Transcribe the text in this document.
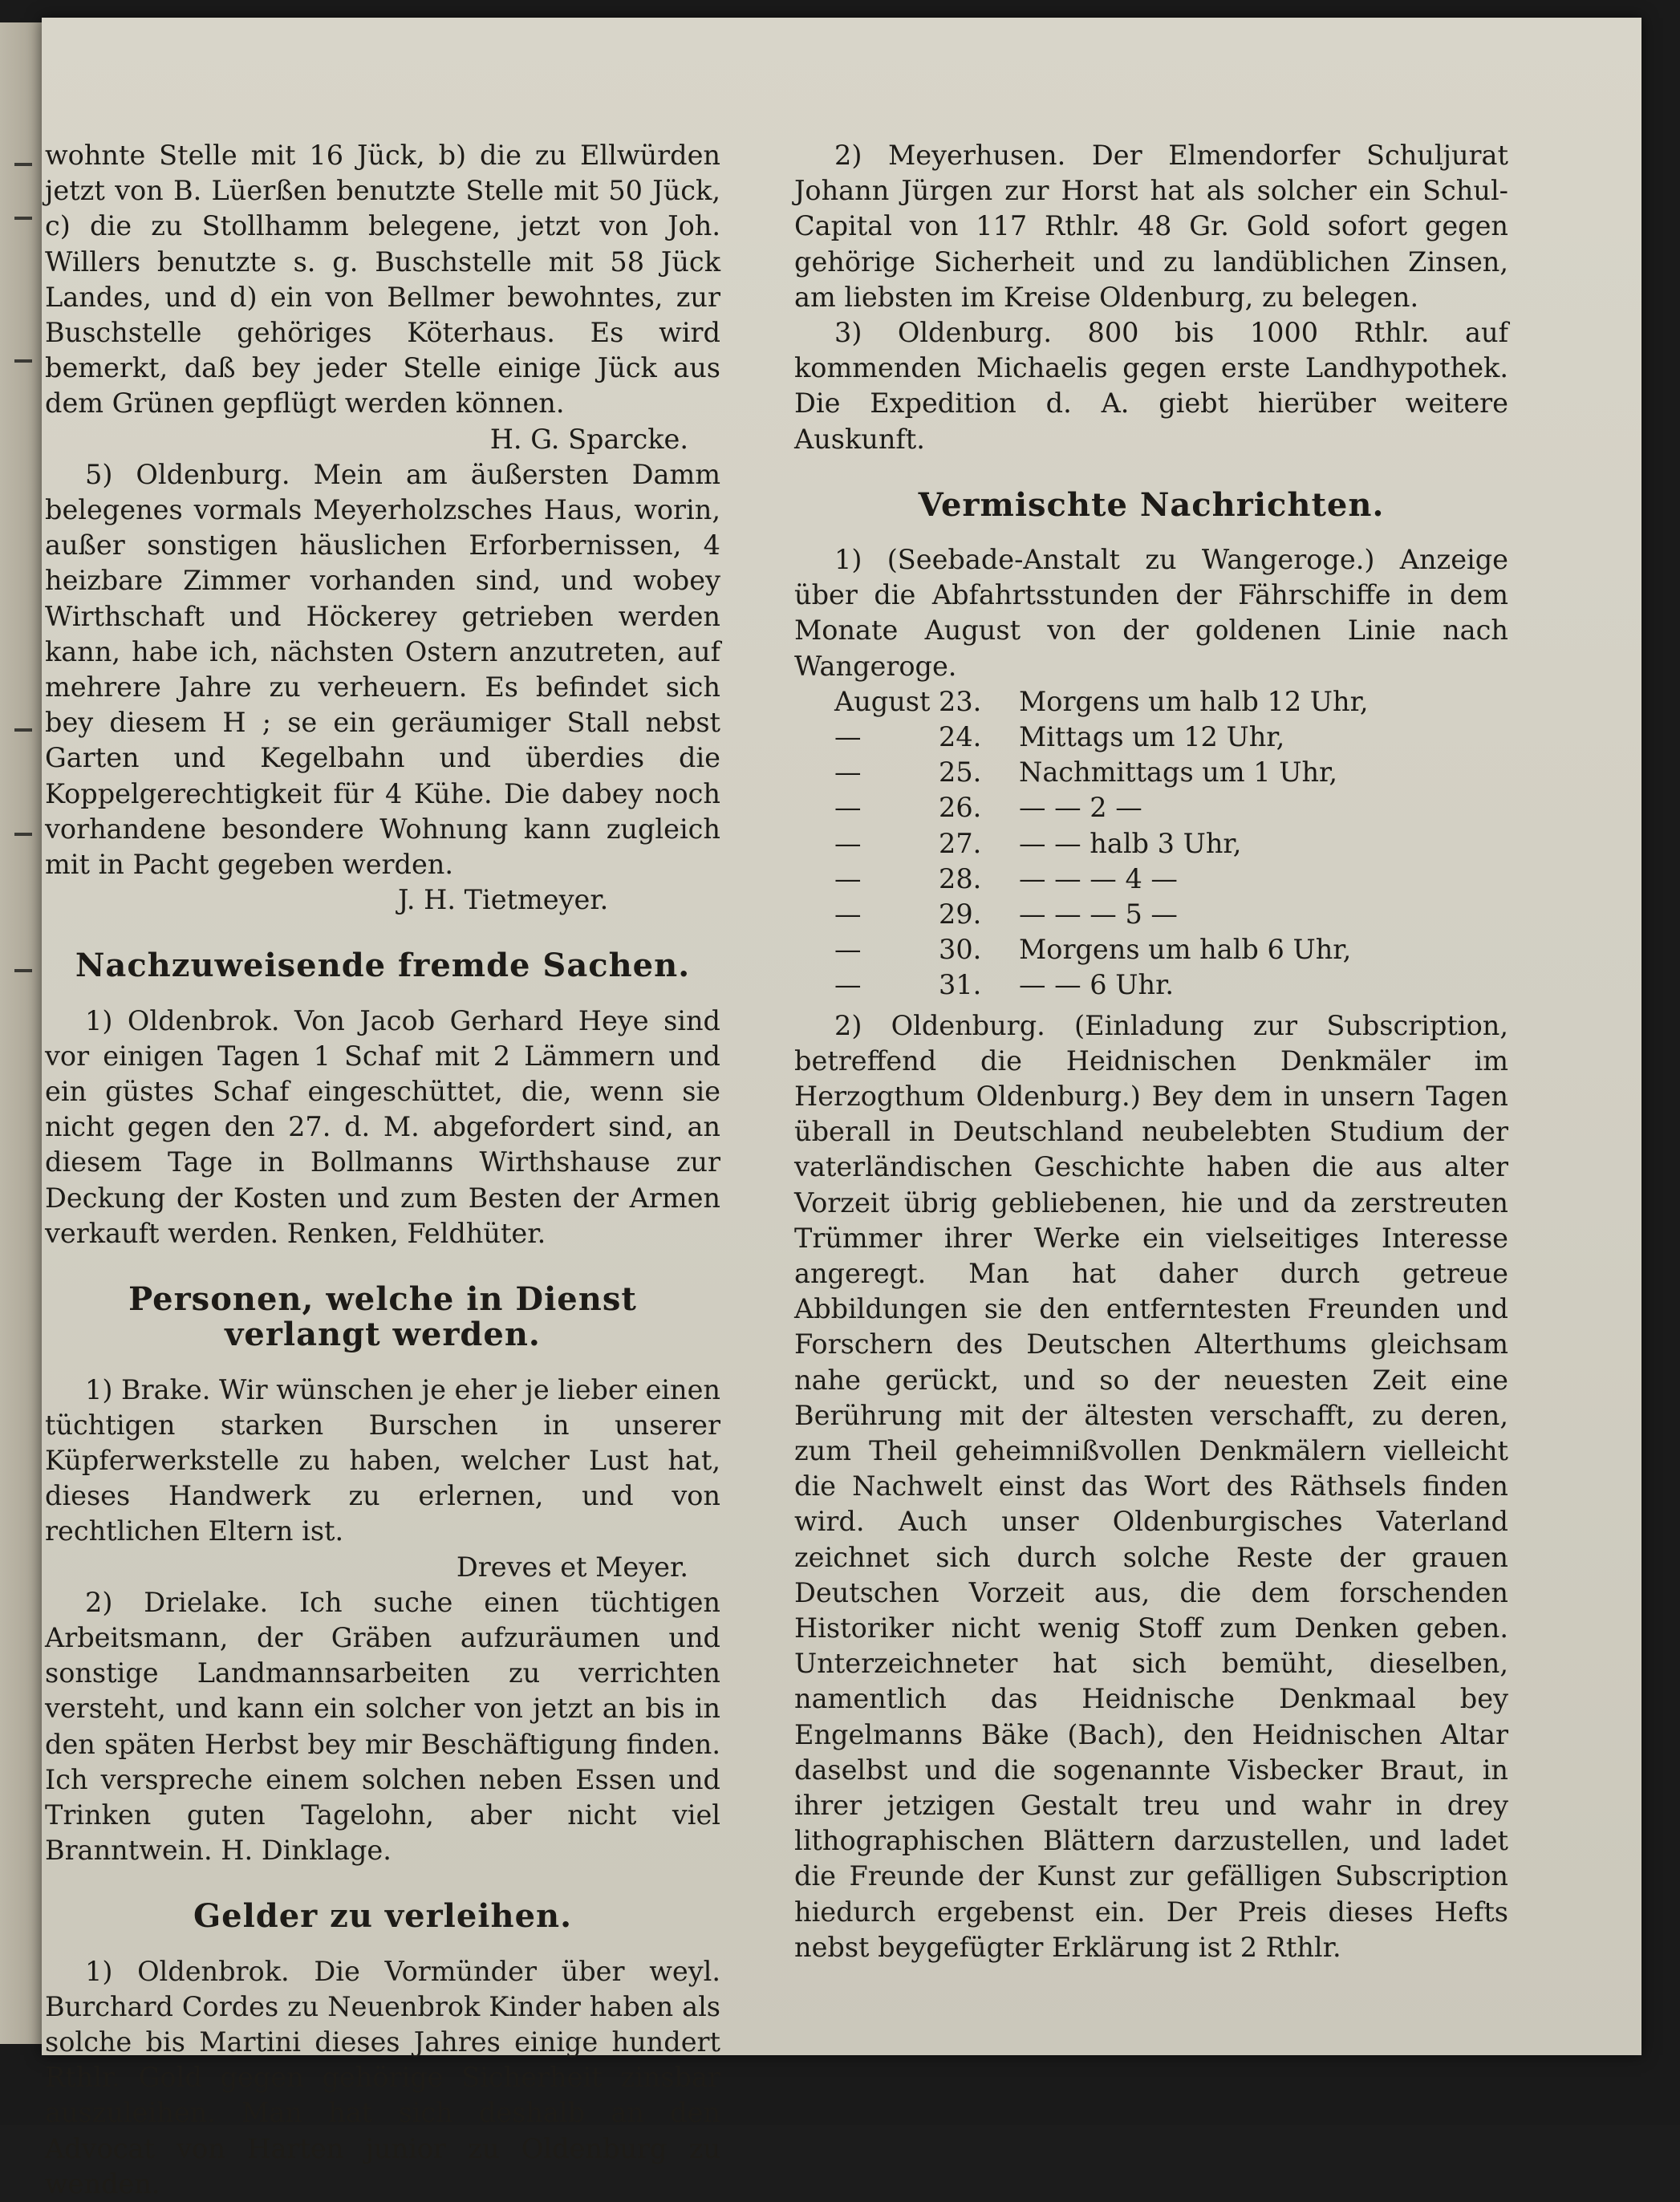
wohnte Stelle mit 16 Jück, b) die zu Ellwürden jetzt von B. Lüerßen benutzte Stelle mit 50 Jück, c) die zu Stollhamm belegene, jetzt von Joh. Willers benutzte s. g. Buschstelle mit 58 Jück Landes, und d) ein von Bellmer bewohntes, zur Buschstelle gehöriges Köterhaus. Es wird bemerkt, daß bey jeder Stelle einige Jück aus dem Grünen gepflügt werden können.

H. G. Sparcke.

5) Oldenburg. Mein am äußersten Damm belegenes vormals Meyerholzsches Haus, worin, außer sonstigen häuslichen Erforbernissen, 4 heizbare Zimmer vorhanden sind, und wobey Wirthschaft und Höckerey getrieben werden kann, habe ich, nächsten Ostern anzutreten, auf mehrere Jahre zu verheuern. Es befindet sich bey diesem H ; se ein geräumiger Stall nebst Garten und Kegelbahn und überdies die Koppelgerechtigkeit für 4 Kühe. Die dabey noch vorhandene besondere Wohnung kann zugleich mit in Pacht gegeben werden.

J. H. Tietmeyer.

Nachzuweisende fremde Sachen.

1) Oldenbrok. Von Jacob Gerhard Heye sind vor einigen Tagen 1 Schaf mit 2 Lämmern und ein güstes Schaf eingeschüttet, die, wenn sie nicht gegen den 27. d. M. abgefordert sind, an diesem Tage in Bollmanns Wirthshause zur Deckung der Kosten und zum Besten der Armen verkauft werden. Renken, Feldhüter.

Personen, welche in Dienst verlangt werden.

1) Brake. Wir wünschen je eher je lieber einen tüchtigen starken Burschen in unserer Küpferwerkstelle zu haben, welcher Lust hat, dieses Handwerk zu erlernen, und von rechtlichen Eltern ist.

Dreves et Meyer.

2) Drielake. Ich suche einen tüchtigen Arbeitsmann, der Gräben aufzuräumen und sonstige Landmannsarbeiten zu verrichten versteht, und kann ein solcher von jetzt an bis in den späten Herbst bey mir Beschäftigung finden. Ich verspreche einem solchen neben Essen und Trinken guten Tagelohn, aber nicht viel Branntwein. H. Dinklage.

Gelder zu verleihen.

1) Oldenbrok. Die Vormünder über weyl. Burchard Cordes zu Neuenbrok Kinder haben als solche bis Martini dieses Jahres einige hundert Rthlr. Gold gegen gehörige Sicherheit zinsbar auszuleihen. Man hat sich deshalb an den Advocat von Harten junior zu Oldenburg zu wenden.

2) Meyerhusen. Der Elmendorfer Schuljurat Johann Jürgen zur Horst hat als solcher ein Schul-Capital von 117 Rthlr. 48 Gr. Gold sofort gegen gehörige Sicherheit und zu landüblichen Zinsen, am liebsten im Kreise Oldenburg, zu belegen.

3) Oldenburg. 800 bis 1000 Rthlr. auf kommenden Michaelis gegen erste Landhypothek. Die Expedition d. A. giebt hierüber weitere Auskunft.

Vermischte Nachrichten.

1) (Seebade-Anstalt zu Wangeroge.) Anzeige über die Abfahrtsstunden der Fährschiffe in dem Monate August von der goldenen Linie nach Wangeroge.

August 23.	Morgens um halb 12 Uhr,
—	24.	Mittags um 12 Uhr,
—	25.	Nachmittags um 1 Uhr,
—	26.	— — 2 —
—	27.	— — halb 3 Uhr,
—	28.	— — — 4 —
—	29.	— — — 5 —
—	30.	Morgens um halb 6 Uhr,
—	31.	— — 6 Uhr.

2) Oldenburg. (Einladung zur Subscription, betreffend die Heidnischen Denkmäler im Herzogthum Oldenburg.) Bey dem in unsern Tagen überall in Deutschland neubelebten Studium der vaterländischen Geschichte haben die aus alter Vorzeit übrig gebliebenen, hie und da zerstreuten Trümmer ihrer Werke ein vielseitiges Interesse angeregt. Man hat daher durch getreue Abbildungen sie den entferntesten Freunden und Forschern des Deutschen Alterthums gleichsam nahe gerückt, und so der neuesten Zeit eine Berührung mit der ältesten verschafft, zu deren, zum Theil geheimnißvollen Denkmälern vielleicht die Nachwelt einst das Wort des Räthsels finden wird. Auch unser Oldenburgisches Vaterland zeichnet sich durch solche Reste der grauen Deutschen Vorzeit aus, die dem forschenden Historiker nicht wenig Stoff zum Denken geben. Unterzeichneter hat sich bemüht, dieselben, namentlich das Heidnische Denkmaal bey Engelmanns Bäke (Bach), den Heidnischen Altar daselbst und die sogenannte Visbecker Braut, in ihrer jetzigen Gestalt treu und wahr in drey lithographischen Blättern darzustellen, und ladet die Freunde der Kunst zur gefälligen Subscription hiedurch ergebenst ein. Der Preis dieses Hefts nebst beygefügter Erklärung ist 2 Rthlr.
